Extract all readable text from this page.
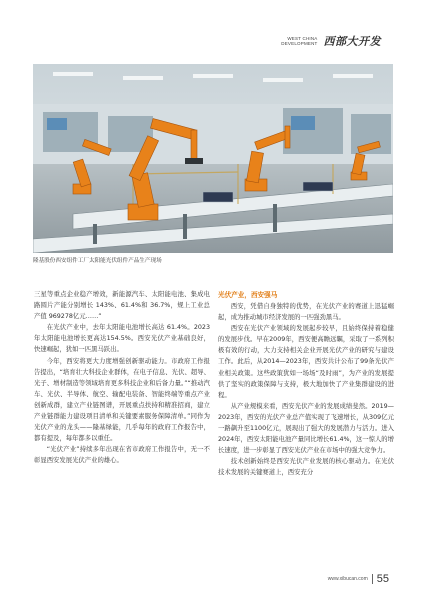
WEST CHINA
DEVELOPMENT 西部大开发
隆基股份西安组件工厂太阳能光伏组件产品生产现场

三星等重点企业稳产增效，新能源汽车、太阳能电池、集成电路圆片产能分别增长 143%、61.4%和 36.7%，规上工业总产值 969278亿元……”

在光伏产业中，去年太阳能电池增长高达 61.4%。2023年太阳能电池增长更高达154.5%。西安光伏产业基础良好，快速崛起，犹如一匹黑马跃出。

今年，西安将更大力度增强创新驱动能力。市政府工作报告提出，“培育壮大科技企业群体，在电子信息、光伏、超导、光子、增材制造等领域培育更多科技企业和后备力量。”“推动汽车、光伏、半导体、航空、输配电装备、智能终端等重点产业创新成群，建立产业链图谱，开展重点扶持和精准招商，建立产业链群能力建设项目清单和关键要素服务保障清单。”同作为光伏产业的龙头——隆基绿能，几乎每年的政府工作报告中，都有提及，每年都多以重任。

“光伏产业”持续多年出现在省市政府工作报告中，无一不彰显西安发展光伏产业的雄心。

光伏产业，西安强马

西安，凭借自身独特的优势，在光伏产业的赛道上迅猛崛起，成为推动城市经济发展的一匹强劲黑马。

西安在光伏产业领域的发展起步较早，且始终保持着稳健的发展步伐。早在2009年，西安便高瞻远瞩，采取了一系列积极有效的行动，大力支持相关企业开展光伏产业的研究与建设工作。此后，从2014—2023年，西安共计公布了99条光伏产业相关政策。这些政策犹如一场场“及时雨”，为产业的发展提供了坚实的政策保障与支持，极大地加快了产业集群建设的进程。

从产业规模来看，西安光伏产业的发展成绩斐然。2019—2023年，西安的光伏产业总产值实现了飞速增长，从309亿元一路飙升至1100亿元，展现出了强大的发展潜力与活力。进入2024年，西安太阳能电池产量同比增长61.4%，这一惊人的增长速度，进一步彰显了西安光伏产业在市场中的强大竞争力。

技术创新始终是西安光伏产业发展的核心驱动力。在光伏技术发展的关键赛道上，西安充分

www.xibucan.com 55
